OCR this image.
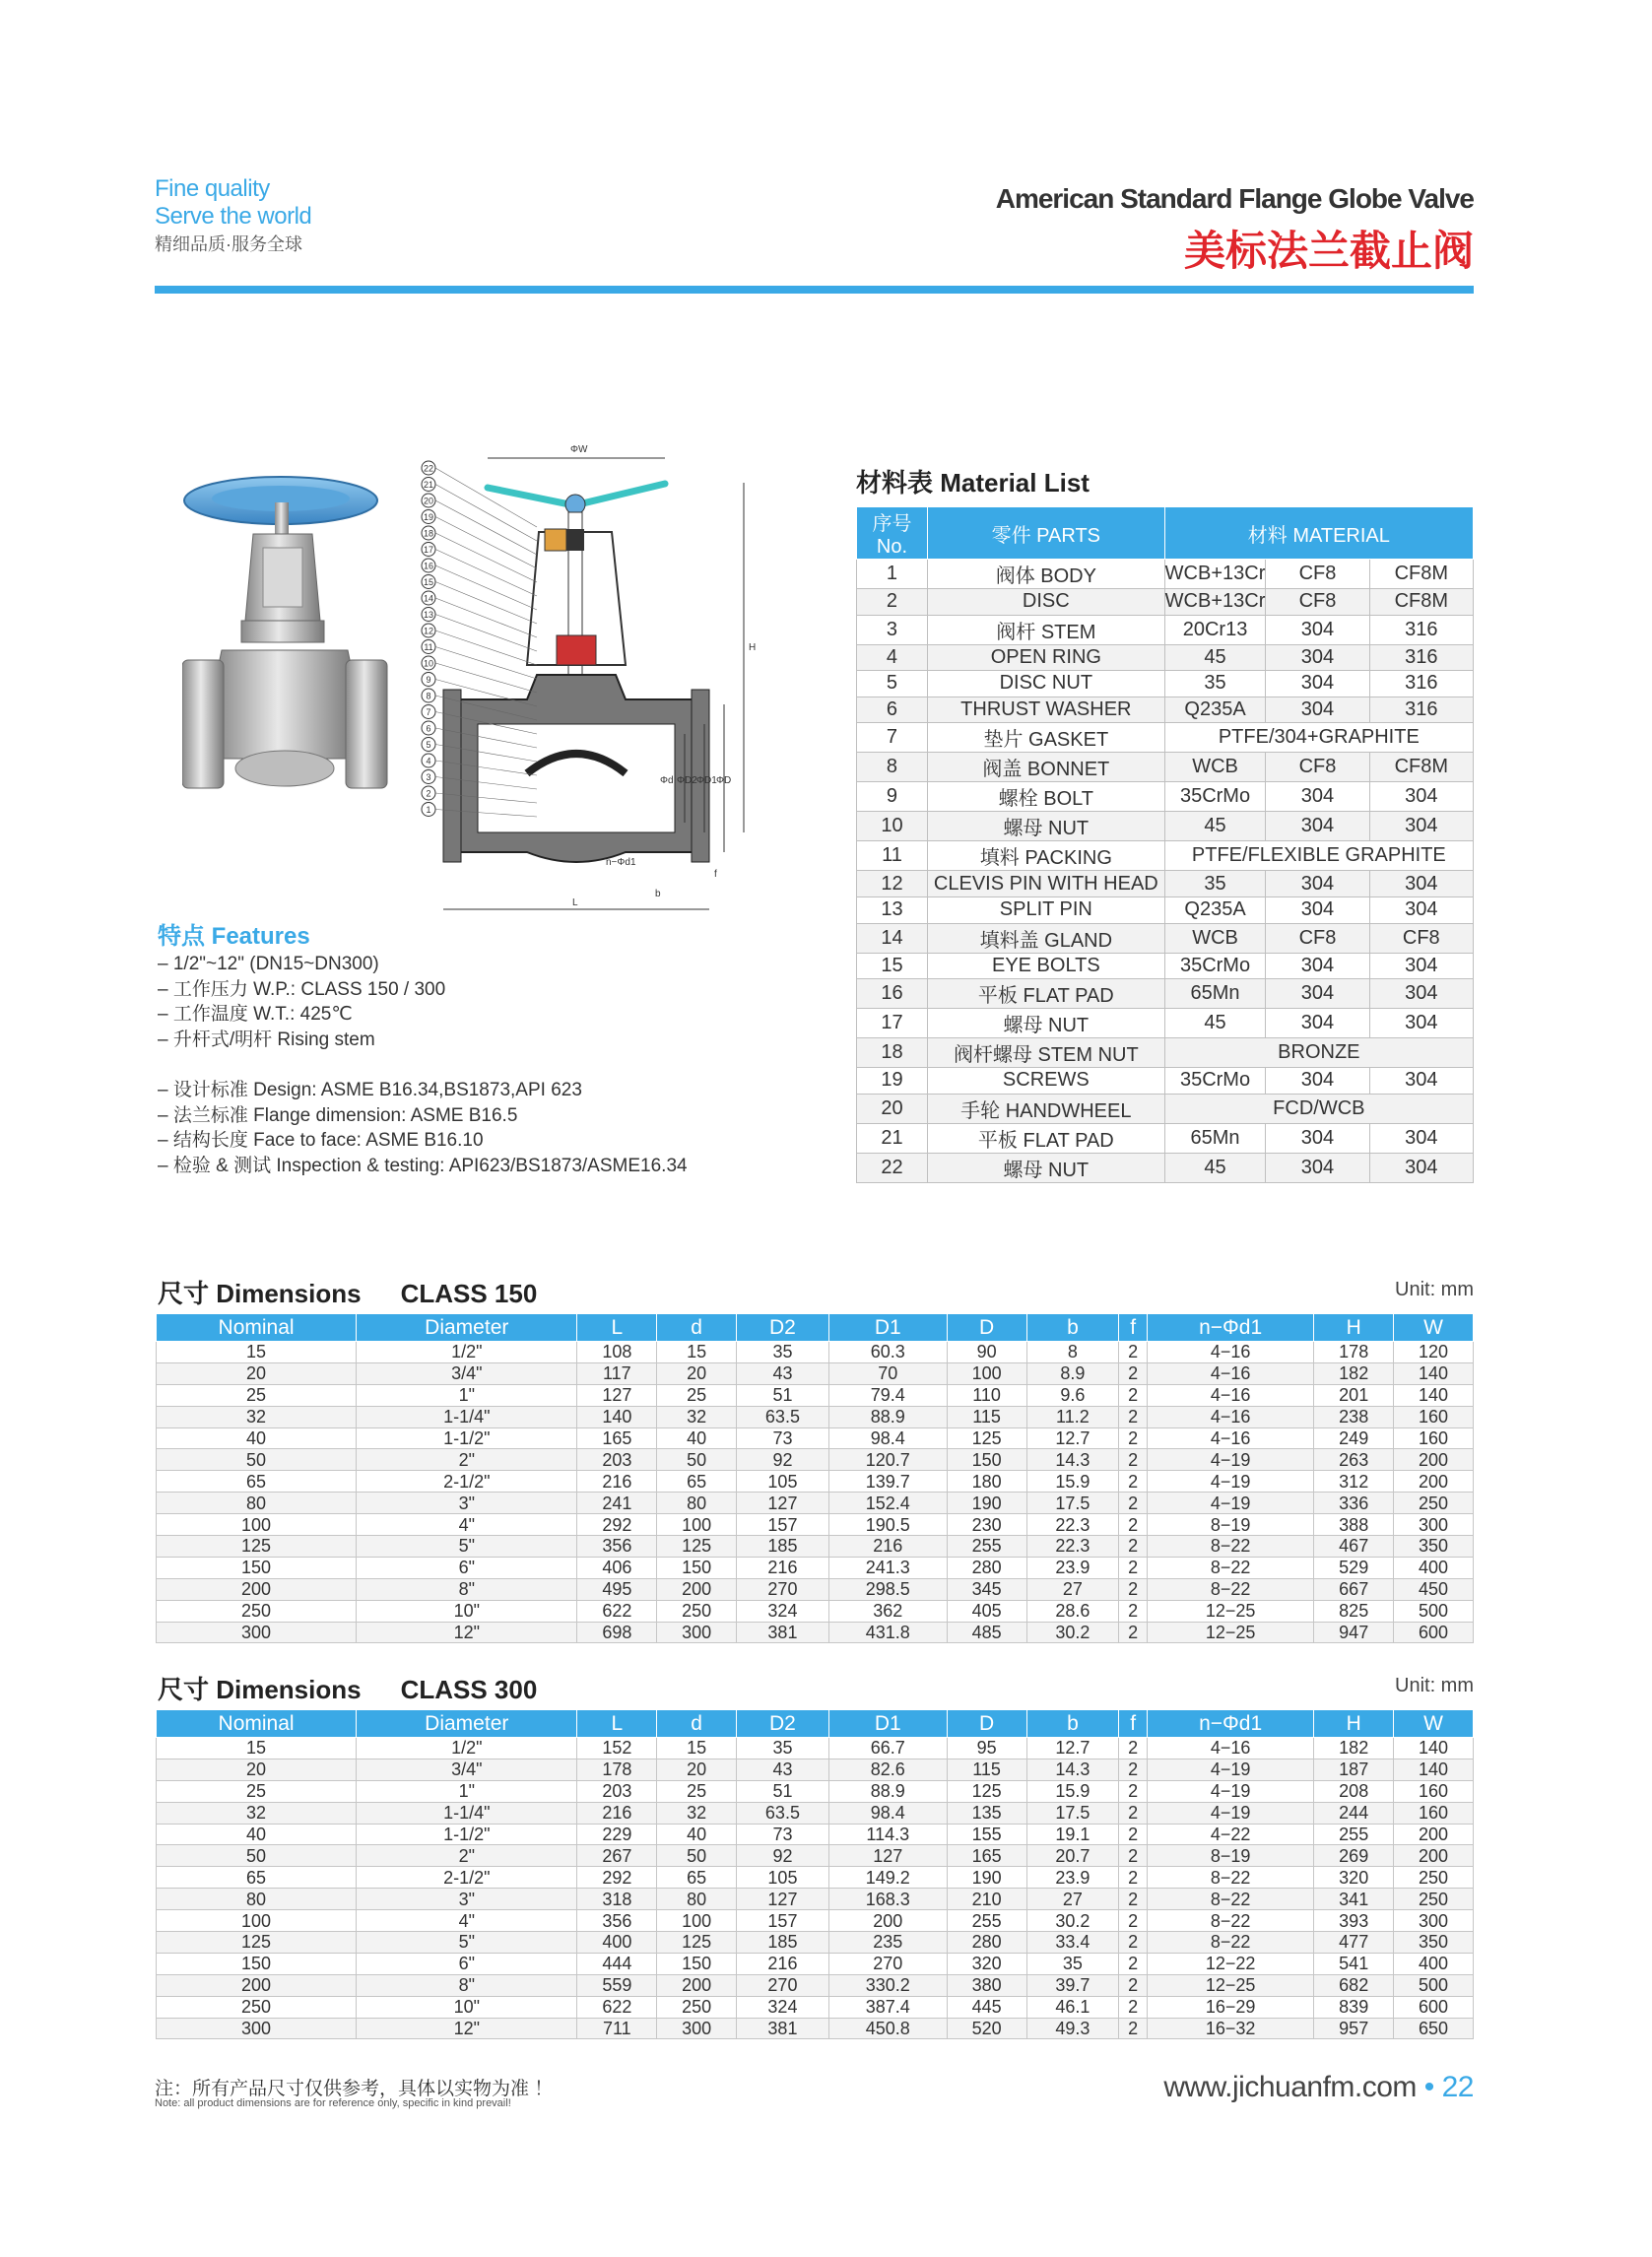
Fine quality
Serve the world
精细品质·服务全球
American Standard Flange Globe Valve
美标法兰截止阀
ΦW
H
ΦD
ΦD1
ΦD2
Φd
L
b
f
n−Φd1
22
21
20
19
18
17
16
15
14
13
12
11
10
9
8
7
6
5
4
3
2
1
材料表 Material List
序号No.	零件 PARTS	材料 MATERIAL		
1	阀体 BODY	WCB+13Cr	CF8	CF8M
2	DISC	WCB+13Cr	CF8	CF8M
3	阀杆 STEM	20Cr13	304	316
4	OPEN RING	45	304	316
5	DISC NUT	35	304	316
6	THRUST WASHER	Q235A	304	316
7	垫片 GASKET	PTFE/304+GRAPHITE		
8	阀盖 BONNET	WCB	CF8	CF8M
9	螺栓 BOLT	35CrMo	304	304
10	螺母 NUT	45	304	304
11	填料 PACKING	PTFE/FLEXIBLE GRAPHITE		
12	CLEVIS PIN WITH HEAD	35	304	304
13	SPLIT PIN	Q235A	304	304
14	填料盖 GLAND	WCB	CF8	CF8
15	EYE BOLTS	35CrMo	304	304
16	平板 FLAT PAD	65Mn	304	304
17	螺母 NUT	45	304	304
18	阀杆螺母 STEM NUT	BRONZE		
19	SCREWS	35CrMo	304	304
20	手轮 HANDWHEEL	FCD/WCB		
21	平板 FLAT PAD	65Mn	304	304
22	螺母 NUT	45	304	304
特点 Features
– 1/2"~12" (DN15~DN300)
– 工作压力 W.P.: CLASS 150 / 300
– 工作温度 W.T.: 425℃
– 升杆式/明杆 Rising stem
– 设计标准 Design: ASME B16.34,BS1873,API 623
– 法兰标准 Flange dimension: ASME B16.5
– 结构长度 Face to face: ASME B16.10
– 检验 & 测试 Inspection & testing: API623/BS1873/ASME16.34
尺寸 Dimensions CLASS 150	Unit: mm
Nominal	Diameter	L	d	D2	D1	D	b	f	n−Φd1	H	W
15	1/2"	108	15	35	60.3	90	8	2	4−16	178	120
20	3/4"	117	20	43	70	100	8.9	2	4−16	182	140
25	1"	127	25	51	79.4	110	9.6	2	4−16	201	140
32	1-1/4"	140	32	63.5	88.9	115	11.2	2	4−16	238	160
40	1-1/2"	165	40	73	98.4	125	12.7	2	4−16	249	160
50	2"	203	50	92	120.7	150	14.3	2	4−19	263	200
65	2-1/2"	216	65	105	139.7	180	15.9	2	4−19	312	200
80	3"	241	80	127	152.4	190	17.5	2	4−19	336	250
100	4"	292	100	157	190.5	230	22.3	2	8−19	388	300
125	5"	356	125	185	216	255	22.3	2	8−22	467	350
150	6"	406	150	216	241.3	280	23.9	2	8−22	529	400
200	8"	495	200	270	298.5	345	27	2	8−22	667	450
250	10"	622	250	324	362	405	28.6	2	12−25	825	500
300	12"	698	300	381	431.8	485	30.2	2	12−25	947	600
尺寸 Dimensions CLASS 300	Unit: mm
Nominal	Diameter	L	d	D2	D1	D	b	f	n−Φd1	H	W
15	1/2"	152	15	35	66.7	95	12.7	2	4−16	182	140
20	3/4"	178	20	43	82.6	115	14.3	2	4−19	187	140
25	1"	203	25	51	88.9	125	15.9	2	4−19	208	160
32	1-1/4"	216	32	63.5	98.4	135	17.5	2	4−19	244	160
40	1-1/2"	229	40	73	114.3	155	19.1	2	4−22	255	200
50	2"	267	50	92	127	165	20.7	2	8−19	269	200
65	2-1/2"	292	65	105	149.2	190	23.9	2	8−22	320	250
80	3"	318	80	127	168.3	210	27	2	8−22	341	250
100	4"	356	100	157	200	255	30.2	2	8−22	393	300
125	5"	400	125	185	235	280	33.4	2	8−22	477	350
150	6"	444	150	216	270	320	35	2	12−22	541	400
200	8"	559	200	270	330.2	380	39.7	2	12−25	682	500
250	10"	622	250	324	387.4	445	46.1	2	16−29	839	600
300	12"	711	300	381	450.8	520	49.3	2	16−32	957	650
注：所有产品尺寸仅供参考，具体以实物为准 ！
Note: all product dimensions are for reference only, specific in kind prevail!	www.jichuanfm.com • 22
